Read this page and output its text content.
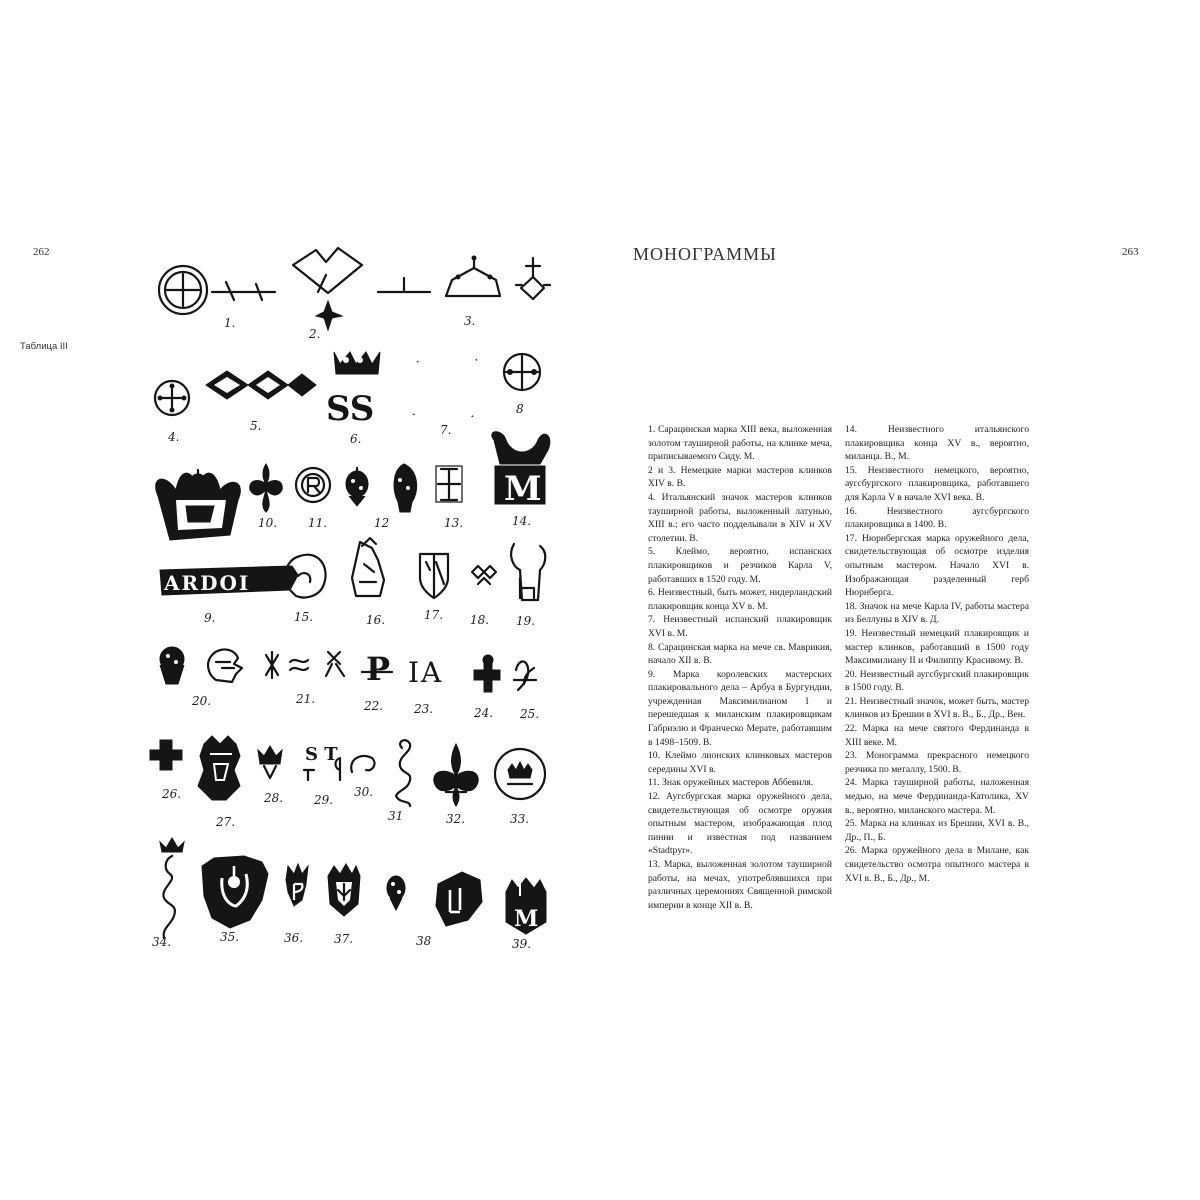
262
Таблица III
SS
ARDOI
M
P IA
S T
M
1.
2.
3.
4.
5.
6.
7.
8
9.
10.	11.	12	13.	14.
15.	16.	17. 18. 19.
20.	21.	22.	23.	24. 25.
26.
27.
28.	29.
30.
31	32.	33.
34.	35.	36.	37.	38	39.
МОНОГРАММЫ	263

1. Сарацинская марка XIII века, выложенная золотом тауширной работы, на клинке меча, приписываемого Сиду. М.

2 и 3. Немецкие марки мастеров клинков XIV в. В.

4. Итальянский значок мастеров клинков тауширной работы, выложенный латунью, XIII в.; его часто подделывали в XIV и XV столетии. В.

5. Клеймо, вероятно, испанских плакировщиков и резчиков Карла V, работавших в 1520 году. М.

6. Неизвестный, быть может, нидерландский плакировщик конца XV в. М.

7. Неизвестный испанский плакировщик XVI в. М.

8. Сарацинская марка на мече св. Маврикия, начало XII в. В.

9. Марка королевских мастерских плакировального дела – Арбуа в Бургундии, учрежденная Максимилианом I и перешедшая к миланским плакировщикам Габриэлю и Франческо Мерате, работавшим в 1498–1509. В.

10. Клеймо лионских клинковых мастеров середины XVI в.

11. Знак оружейных мастеров Аббевиля.

12. Аугсбургская марка оружейного дела, свидетельствующая об осмотре оружия опытным мастером, изображающая плод пинии и известная под названием «Stadtpyr».

13. Марка, выложенная золотом тауширной работы, на мечах, употреблявшихся при различных церемониях Священной римской империи в конце XII в. В.

14. Неизвестного итальянского плакировщика конца XV в., вероятно, миланца. В., М.

15. Неизвестного немецкого, вероятно, аугсбургского плакировщика, работавшего для Карла V в начале XVI века. В.

16. Неизвестного аугсбургского плакировщика в 1400. В.

17. Нюрнбергская марка оружейного дела, свидетельствующая об осмотре изделия опытным мастером. Начало XVI в. Изображающая разделенный герб Нюрнберга.

18. Значок на мече Карла IV, работы мастера из Беллуны в XIV в. Д.

19. Неизвестный немецкий плакировщик и мастер клинков, работавший в 1500 году Максимилиану II и Филиппу Красивому. В.

20. Неизвестный аугсбургский плакировщик в 1500 году. В.

21. Неизвестный значок, может быть, мастер клинков из Брешии в XVI в. В., Б., Др., Вен.

22. Марка на мече святого Фердинанда в XIII веке. М.

23. Монограмма прекрасного немецкого резчика по металлу, 1500. В.

24. Марка тауширной работы, наложенная медью, на мече Фердинанда-Католика, XV в., вероятно, миланского мастера. М.

25. Марка на клинках из Брешии, XVI в. В., Др., П., Б.

26. Марка оружейного дела в Милане, как свидетельство осмотра опытного мастера в XVI в. В., Б., Др., М.
